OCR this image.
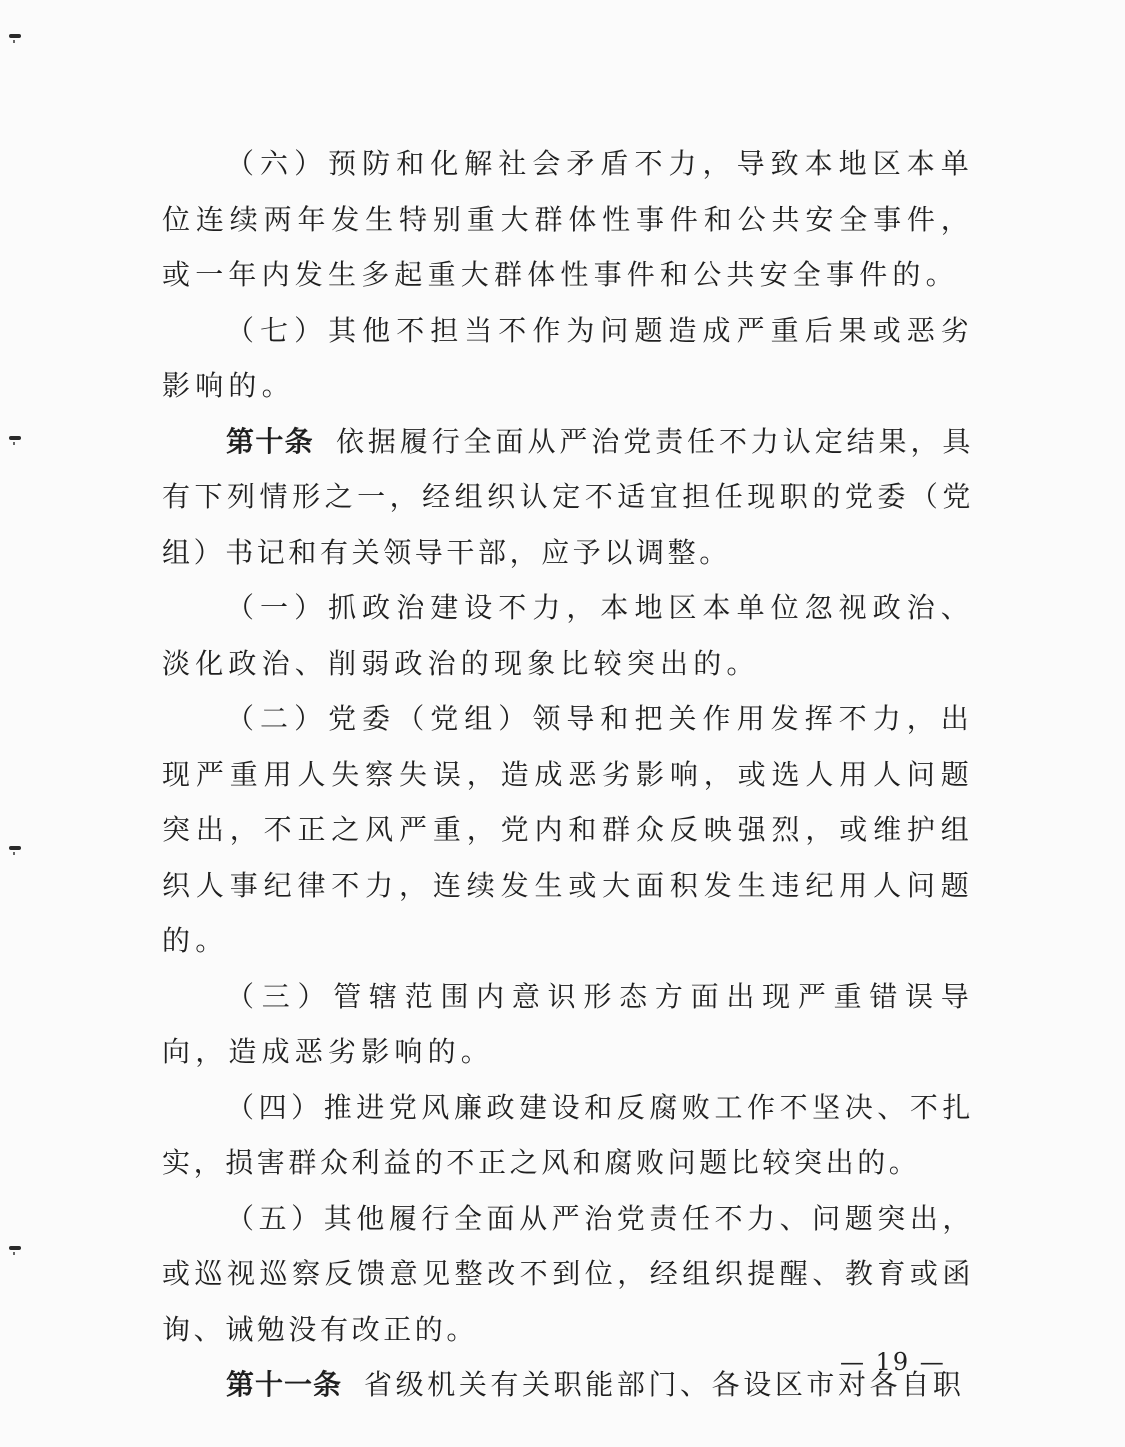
（六）预防和化解社会矛盾不力，导致本地区本单位连续两年发生特别重大群体性事件和公共安全事件，或一年内发生多起重大群体性事件和公共安全事件的。

（七）其他不担当不作为问题造成严重后果或恶劣影响的。

第十条 依据履行全面从严治党责任不力认定结果，具有下列情形之一，经组织认定不适宜担任现职的党委（党组）书记和有关领导干部，应予以调整。

（一）抓政治建设不力，本地区本单位忽视政治、淡化政治、削弱政治的现象比较突出的。

（二）党委（党组）领导和把关作用发挥不力，出现严重用人失察失误，造成恶劣影响，或选人用人问题突出，不正之风严重，党内和群众反映强烈，或维护组织人事纪律不力，连续发生或大面积发生违纪用人问题的。

（三）管辖范围内意识形态方面出现严重错误导向，造成恶劣影响的。

（四）推进党风廉政建设和反腐败工作不坚决、不扎实，损害群众利益的不正之风和腐败问题比较突出的。

（五）其他履行全面从严治党责任不力、问题突出，或巡视巡察反馈意见整改不到位，经组织提醒、教育或函询、诫勉没有改正的。

第十一条 省级机关有关职能部门、各设区市对各自职

— 19 —
